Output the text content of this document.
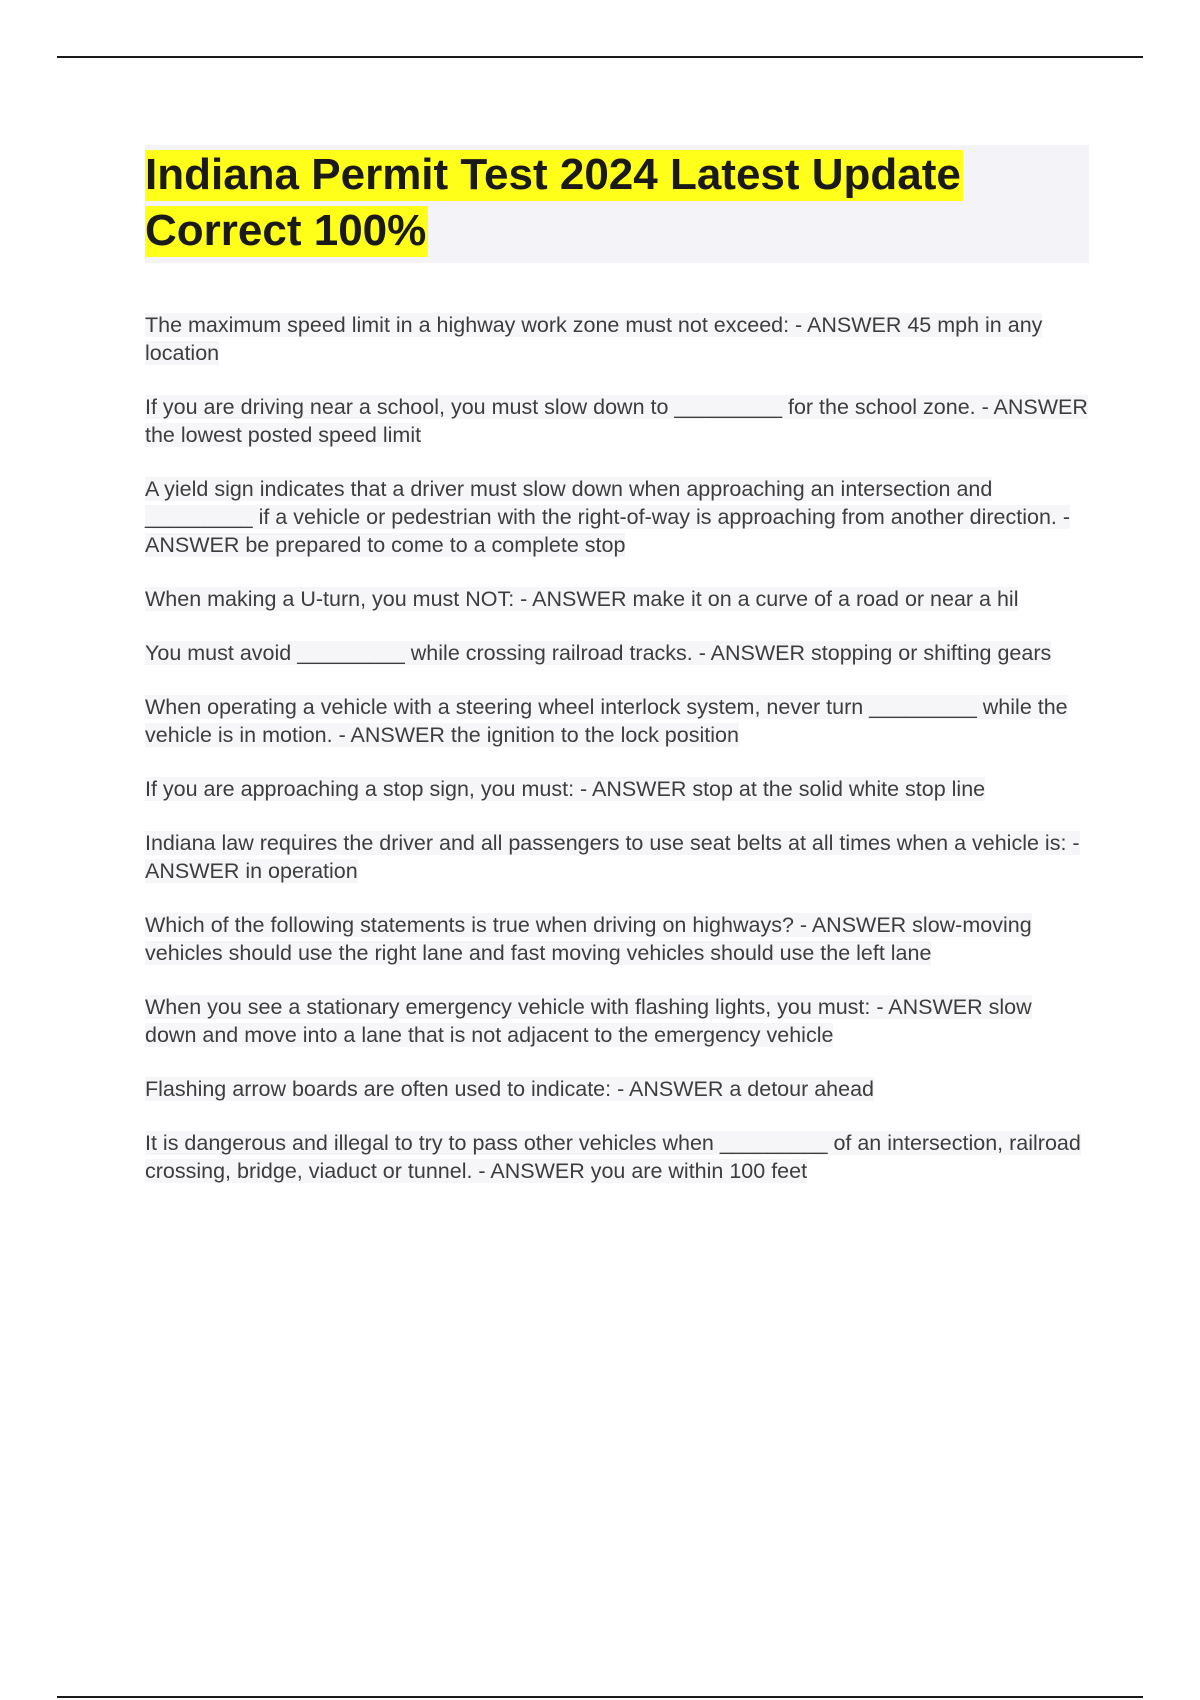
Indiana Permit Test 2024 Latest Update Correct 100%

The maximum speed limit in a highway work zone must not exceed: - ANSWER 45 mph in any location

If you are driving near a school, you must slow down to _________ for the school zone. - ANSWER the lowest posted speed limit

A yield sign indicates that a driver must slow down when approaching an intersection and _________ if a vehicle or pedestrian with the right-of-way is approaching from another direction. - ANSWER be prepared to come to a complete stop

When making a U-turn, you must NOT: - ANSWER make it on a curve of a road or near a hil

You must avoid _________ while crossing railroad tracks. - ANSWER stopping or shifting gears

When operating a vehicle with a steering wheel interlock system, never turn _________ while the vehicle is in motion. - ANSWER the ignition to the lock position

If you are approaching a stop sign, you must: - ANSWER stop at the solid white stop line

Indiana law requires the driver and all passengers to use seat belts at all times when a vehicle is: - ANSWER in operation

Which of the following statements is true when driving on highways? - ANSWER slow-moving vehicles should use the right lane and fast moving vehicles should use the left lane

When you see a stationary emergency vehicle with flashing lights, you must: - ANSWER slow down and move into a lane that is not adjacent to the emergency vehicle

Flashing arrow boards are often used to indicate: - ANSWER a detour ahead

It is dangerous and illegal to try to pass other vehicles when _________ of an intersection, railroad crossing, bridge, viaduct or tunnel. - ANSWER you are within 100 feet
